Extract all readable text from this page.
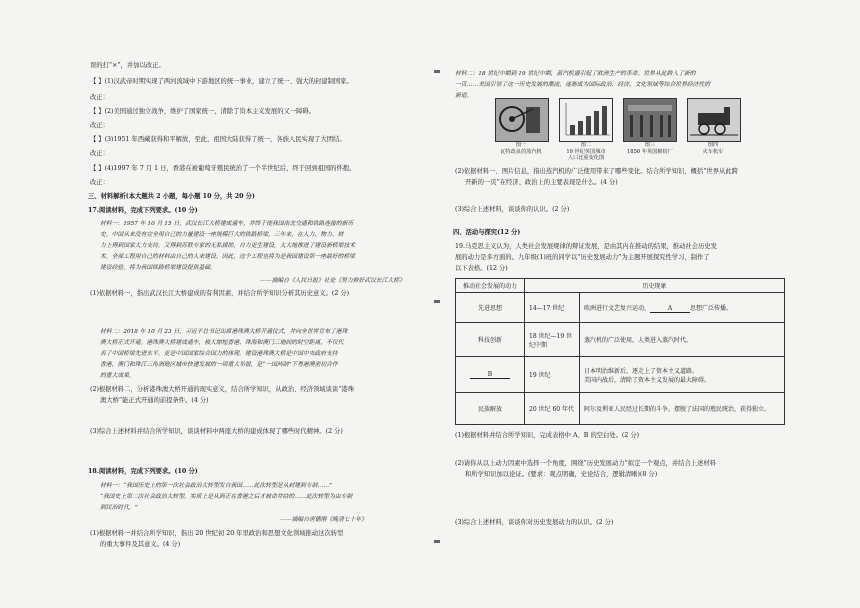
误的打“×”，并加以改正。
【 】(1)汉武帝时期实现了两河流域中下游地区的统一事业，建立了统一、强大的封建制国家。
改正：
【 】(2)美国通过独立战争，维护了国家统一，清除了资本主义发展的又一障碍。
改正：
【 】(3)1951 年西藏获得和平解放，至此，祖国大陆获得了统一，各族人民实现了大团结。
改正：
【 】(4)1997 年 7 月 1 日，香港在被葡萄牙殖民统治了一个半世纪后，终于回到祖国的怀抱。
改正：
三、材料解析(本大题共 2 小题，每小题 10 分，共 20 分)
17.阅读材料，完成下列要求。(10 分)
材料一：1957 年 10 月 15 日，武汉长江大桥建成通车，并终于使我国南北交通和铁路连接的新历
史。中国从来没有完全用自己的力量建设一座规模巨大的铁路桥梁，三年来，在人力、物力、财
力上得到国家大力支持，又得到苏联专家的无私援助，自力更生建设，大大地推进了建设新桥梁技术
术。全部工程用自己的材料由自己的人来建设，因此，这个工程也将为是我国建设第一座最好的桥梁
建设经验，将为我国铁路桥梁建设提供基础。
——摘编自《人民日报》社论《努力修好武汉长江大桥》
(1)依据材料一，指出武汉长江大桥建成的有利因素，并结合所学知识分析其历史意义。(2 分)
材料二：2018 年 10 月 23 日，习近平总书记出席港珠澳大桥开通仪式，并向全世界宣布了港珠
澳大桥正式开通。港珠澳大桥建成通车，极大缩短香港、珠海和澳门三地间的时空距离，不仅代
表了中国桥梁先进水平，更是中国国家综合国力的体现。建设港珠澳大桥是中国中央政府支持
香港、澳门和珠江三角洲地区城市快速发展的一项重大举措，是“一国两制”下粤港澳密切合作
的重大成果。
(2)根据材料二，分析港珠澳大桥开通的现实意义，结合所学知识，从政治、经济领域谈谈“港珠
澳大桥”能正式开通的前提条件。(4 分)
(3)综合上述材料并结合所学知识，谈谈材料中两座大桥的建成体现了哪些时代精神。(2 分)
18.阅读材料，完成下列要求。(10 分)
材料一：“我国历史上的第一次社会政治大转型发自我国……此次转型是从封建到专制……”
“我国史上第二次社会政治大转型，实质上是从到正在香港之后才被命并结的……此次转型为由专制
到民治时代。”
——摘编自唐德刚《晚清七十年》
(1)根据材料一并结合所学知识，指出 20 世纪初 20 年里政治和思想文化领域推动这次转型
的重大事件及其意义。(4 分)
材料二：18 世纪中期到 19 世纪中期，蒸汽机器引起了欧洲生产的革命。世界从此跨入了新的
一页……美国引领了这一历史发展的潮流，逐渐成为国际政治、经济、文化领域等综合世界经济性的
新道。
图一
瓦特改良的蒸汽机
图二
19 世纪英国城市
人口比重变化图
图三
1850 年英国棉纺厂
图四
火车机车
(2)依据材料一、图片信息，指出蒸汽机的广泛使用带来了哪些变化。结合所学知识，概括“世界从此跨
开新的一页”在经济、政治上的主要表现是什么。(4 分)
(3)综合上述材料，谈谈你的认识。(2 分)
四、活动与探究(12 分)
19.马克思主义认为，人类社会发展规律的辩证发展，是由其内在推动的结果，推动社会历史发
展的动力是多方面的。九年级(1)班的同学以“历史发展动力”为主题开展探究性学习，制作了
以下表格。(12 分)
推动社会发展的动力	历史现象	
先进思想	14—17 世纪	欧洲进行文艺复兴运动， A 思想广泛传播。
科技创新	18 世纪—19 世纪中期	蒸汽机的广泛使用，人类进入蒸汽时代。
B	19 世纪	日本明治维新后，逐走上了资本主义道路。
美国内战后，清除了资本主义发展的最大障碍。

民族解放	20 世纪 60 年代	阿尔及利亚人民经过长期的斗争，摆脱了法国的殖民统治，获得独立。
(1)根据材料并结合所学知识，完成表格中 A、B 的空白处。(2 分)
(2)请你从以上动力因素中选择一个角度，围绕“历史发展动力”拟定一个观点，并结合上述材料
和所学知识加以论证。(要求：观点明确，史论结合，逻辑清晰)(8 分)
(3)综合上述材料，谈谈你对历史发展动力的认识。(2 分)
